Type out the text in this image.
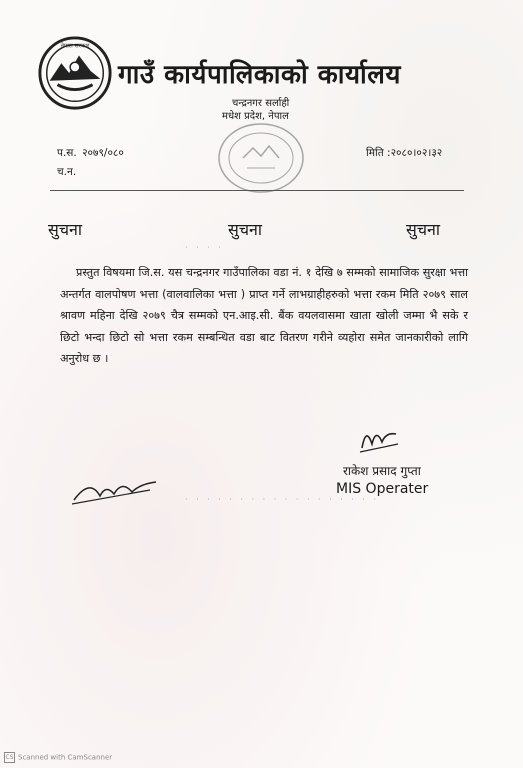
नेपाल सरकार
गाउँ कार्यपालिकाको कार्यालय
चन्द्रनगर सर्लाही
मधेश प्रदेश, नेपाल
प.स. २०७९/०८०
च.न.
मिति :२०८०।०२।३२
सुचना	सुचना	सुचना
प्रस्तुत विषयमा जि.स. यस चन्द्रनगर गाउँपालिका वडा नं. १ देखि ७ सम्मको सामाजिक सुरक्षा भत्ता अन्तर्गत वालपोषण भत्ता (वालवालिका भत्ता ) प्राप्त गर्ने लाभग्राहीहरुको भत्ता रकम मिति २०७९ साल श्रावण महिना देखि २०७९ चैत्र सम्मको एन.आइ.सी. बैंक वयलवासमा खाता खोली जम्मा भै सके र छिटो भन्दा छिटो सो भत्ता रकम सम्बन्धित वडा बाट वितरण गरीने व्यहोरा समेत जानकारीको लागि अनुरोध छ ।
राकेश प्रसाद गुप्ता
MIS Operater
· · · ·
· · · · · · · · · · · · · · · · · ·
CS Scanned with CamScanner
